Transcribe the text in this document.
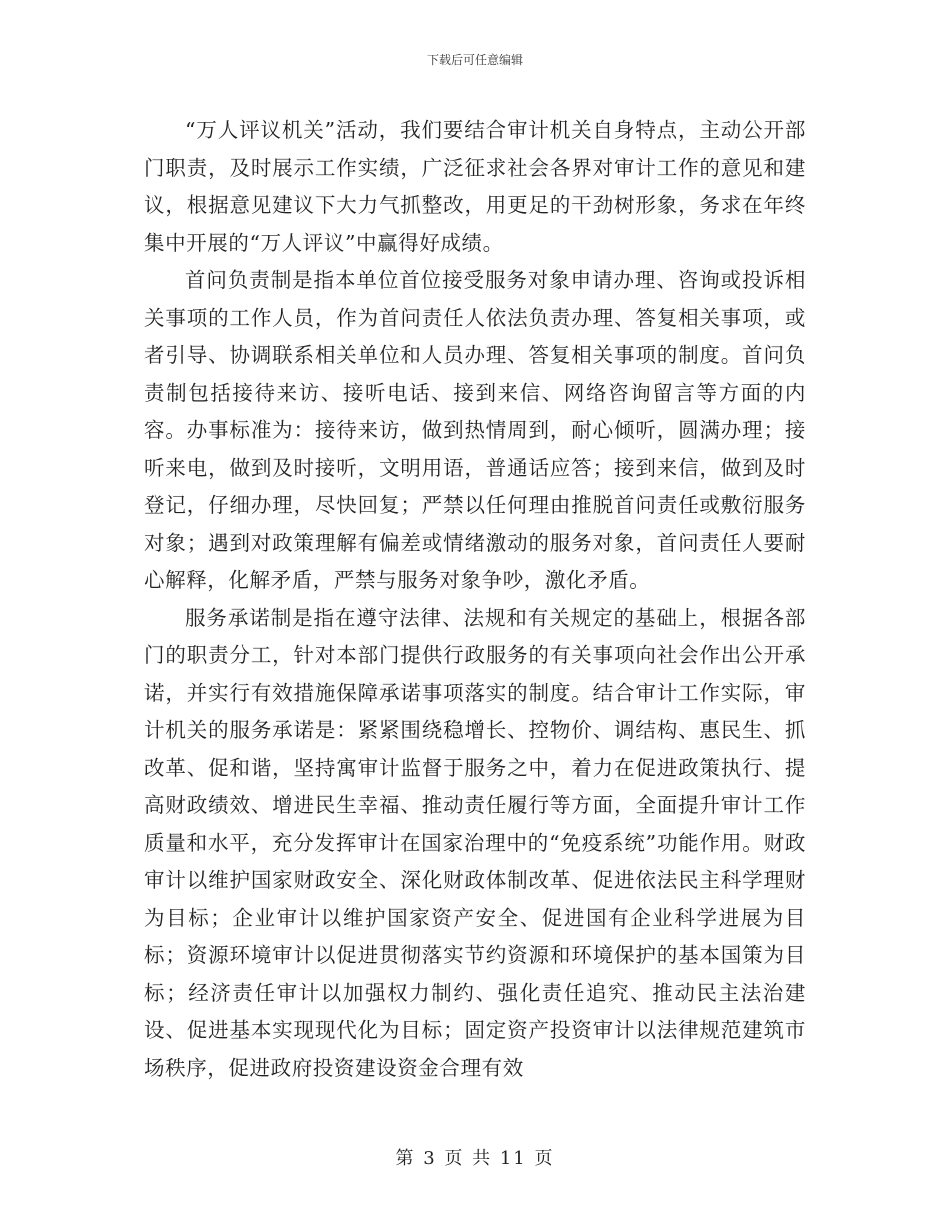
下载后可任意编辑

“万人评议机关”活动，我们要结合审计机关自身特点，主动公开部门职责，及时展示工作实绩，广泛征求社会各界对审计工作的意见和建议，根据意见建议下大力气抓整改，用更足的干劲树形象，务求在年终集中开展的“万人评议”中赢得好成绩。

首问负责制是指本单位首位接受服务对象申请办理、咨询或投诉相关事项的工作人员，作为首问责任人依法负责办理、答复相关事项，或者引导、协调联系相关单位和人员办理、答复相关事项的制度。首问负责制包括接待来访、接听电话、接到来信、网络咨询留言等方面的内容。办事标准为：接待来访，做到热情周到，耐心倾听，圆满办理；接听来电，做到及时接听，文明用语，普通话应答；接到来信，做到及时登记，仔细办理，尽快回复；严禁以任何理由推脱首问责任或敷衍服务对象；遇到对政策理解有偏差或情绪激动的服务对象，首问责任人要耐心解释，化解矛盾，严禁与服务对象争吵，激化矛盾。

服务承诺制是指在遵守法律、法规和有关规定的基础上，根据各部门的职责分工，针对本部门提供行政服务的有关事项向社会作出公开承诺，并实行有效措施保障承诺事项落实的制度。结合审计工作实际，审计机关的服务承诺是：紧紧围绕稳增长、控物价、调结构、惠民生、抓改革、促和谐，坚持寓审计监督于服务之中，着力在促进政策执行、提高财政绩效、增进民生幸福、推动责任履行等方面，全面提升审计工作质量和水平，充分发挥审计在国家治理中的“免疫系统”功能作用。财政审计以维护国家财政安全、深化财政体制改革、促进依法民主科学理财为目标；企业审计以维护国家资产安全、促进国有企业科学进展为目标；资源环境审计以促进贯彻落实节约资源和环境保护的基本国策为目标；经济责任审计以加强权力制约、强化责任追究、推动民主法治建设、促进基本实现现代化为目标；固定资产投资审计以法律规范建筑市场秩序，促进政府投资建设资金合理有效

第 3 页 共 11 页
